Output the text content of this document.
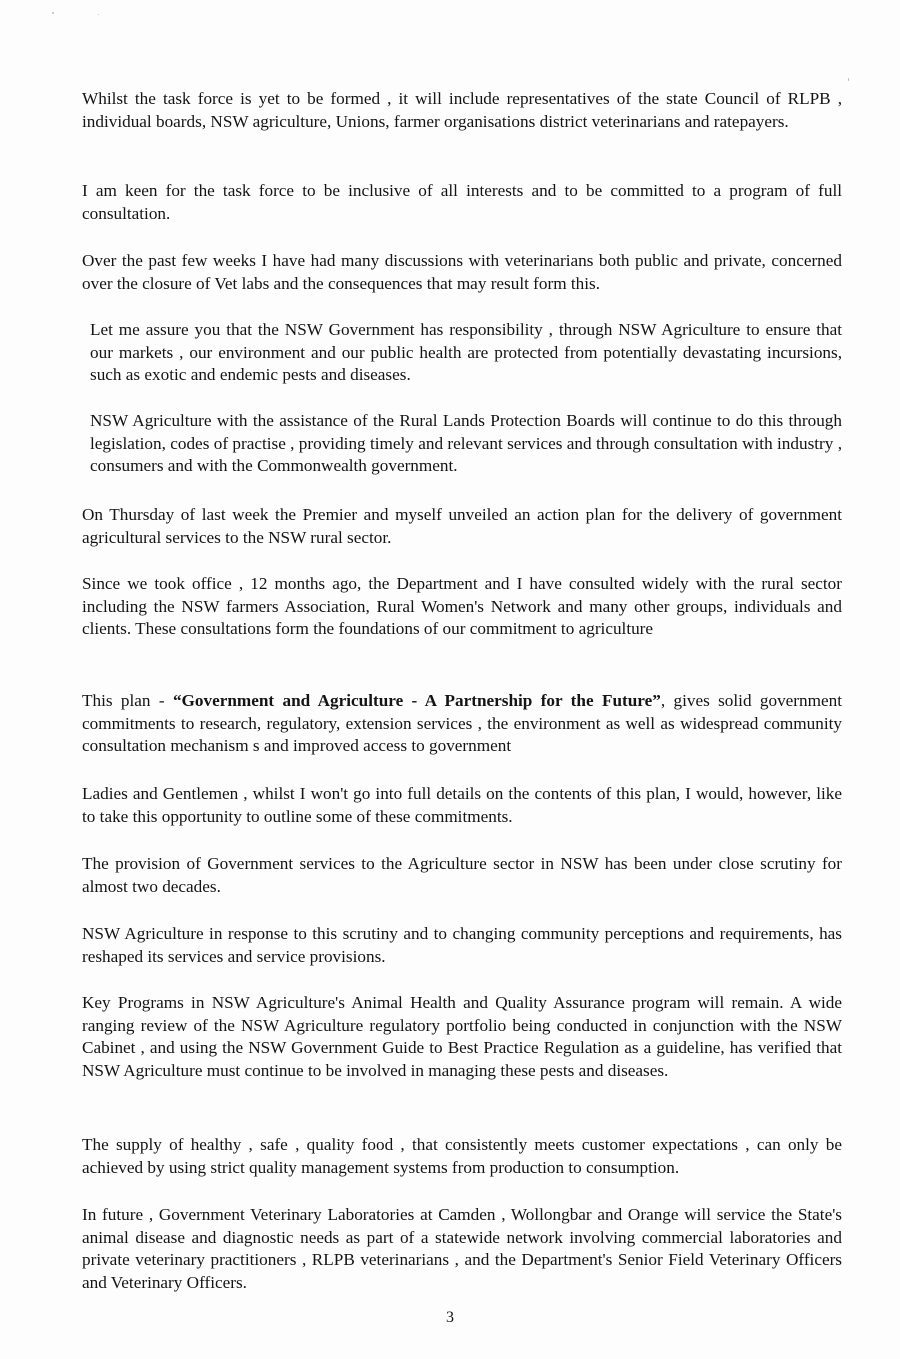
Whilst the task force is yet to be formed , it will include representatives of the state Council of RLPB , individual boards, NSW agriculture, Unions, farmer organisations district veterinarians and ratepayers.

I am keen for the task force to be inclusive of all interests and to be committed to a program of full consultation.

Over the past few weeks I have had many discussions with veterinarians both public and private, concerned over the closure of Vet labs and the consequences that may result form this.

Let me assure you that the NSW Government has responsibility , through NSW Agriculture to ensure that our markets , our environment and our public health are protected from potentially devastating incursions, such as exotic and endemic pests and diseases.

NSW Agriculture with the assistance of the Rural Lands Protection Boards will continue to do this through legislation, codes of practise , providing timely and relevant services and through consultation with industry , consumers and with the Commonwealth government.

On Thursday of last week the Premier and myself unveiled an action plan for the delivery of government agricultural services to the NSW rural sector.

Since we took office , 12 months ago, the Department and I have consulted widely with the rural sector including the NSW farmers Association, Rural Women's Network and many other groups, individuals and clients. These consultations form the foundations of our commitment to agriculture

This plan - “Government and Agriculture - A Partnership for the Future”, gives solid government commitments to research, regulatory, extension services , the environment as well as widespread community consultation mechanism s and improved access to government

Ladies and Gentlemen , whilst I won't go into full details on the contents of this plan, I would, however, like to take this opportunity to outline some of these commitments.

The provision of Government services to the Agriculture sector in NSW has been under close scrutiny for almost two decades.

NSW Agriculture in response to this scrutiny and to changing community perceptions and requirements, has reshaped its services and service provisions.

Key Programs in NSW Agriculture's Animal Health and Quality Assurance program will remain. A wide ranging review of the NSW Agriculture regulatory portfolio being conducted in conjunction with the NSW Cabinet , and using the NSW Government Guide to Best Practice Regulation as a guideline, has verified that NSW Agriculture must continue to be involved in managing these pests and diseases.

The supply of healthy , safe , quality food , that consistently meets customer expectations , can only be achieved by using strict quality management systems from production to consumption.

In future , Government Veterinary Laboratories at Camden , Wollongbar and Orange will service the State's animal disease and diagnostic needs as part of a statewide network involving commercial laboratories and private veterinary practitioners , RLPB veterinarians , and the Department's Senior Field Veterinary Officers and Veterinary Officers.

3
